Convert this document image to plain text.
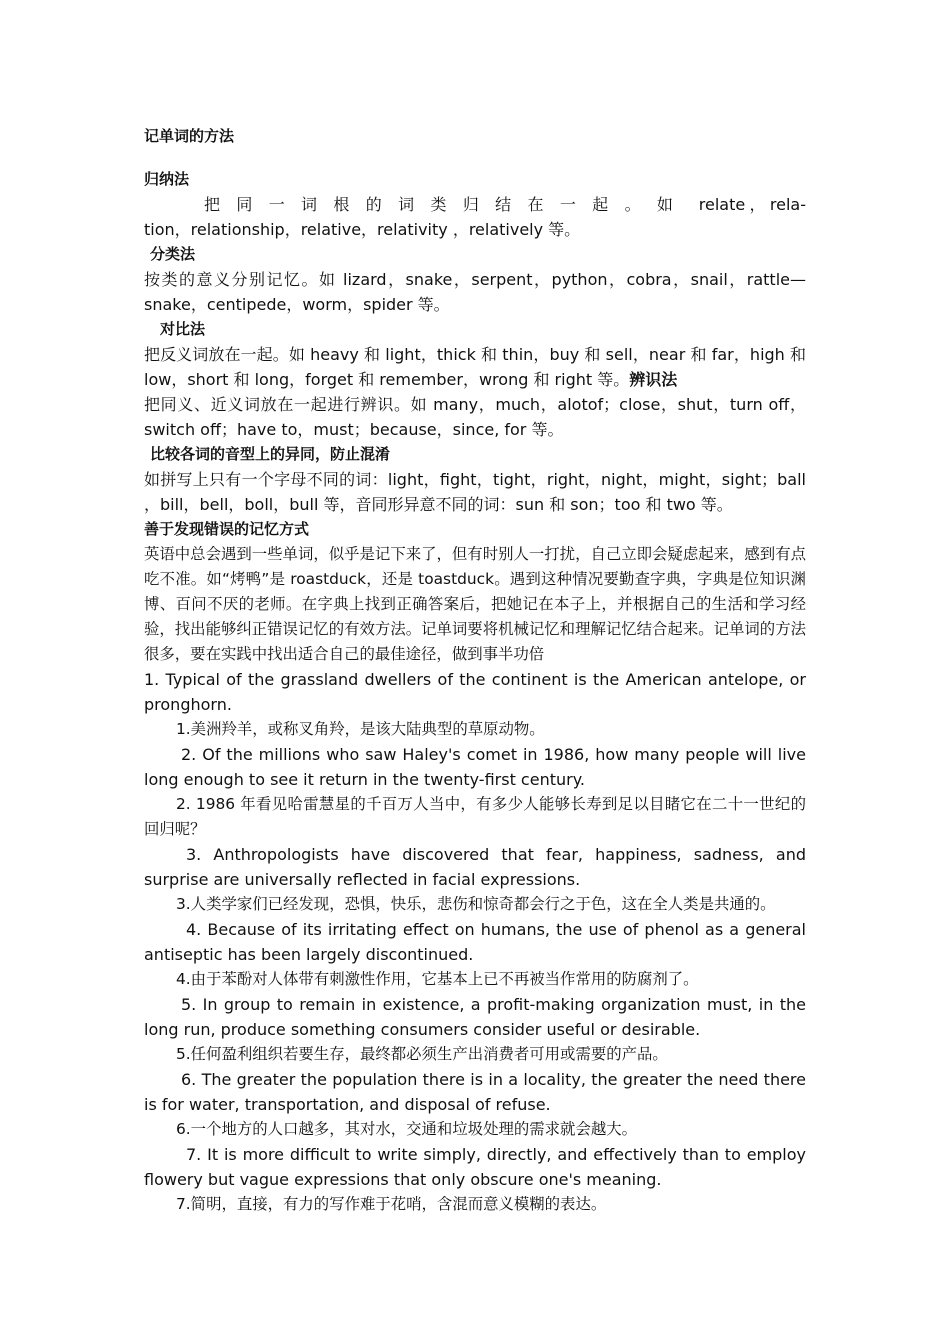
记单词的方法

归纳法

把同一词根的词类归结在一起。如 relate，rela-

tion，relationship，relative，relativity ，relatively 等。

分类法

按类的意义分别记忆。如 lizard，snake，serpent，python，cobra，snail，rattle—snake，centipede，worm，spider 等。

对比法

把反义词放在一起。如 heavy 和 light，thick 和 thin，buy 和 sell，near 和 far，high 和 low，short 和 long，forget 和 remember，wrong 和 right 等。辨识法

把同义、近义词放在一起进行辨识。如 many，much，alotof；close，shut，turn off，switch off；have to，must；because，since, for 等。

比较各词的音型上的异同，防止混淆

如拼写上只有一个字母不同的词：light，fight，tight，right，night，might，sight；ball ，bill，bell，boll，bull 等，音同形异意不同的词：sun 和 son；too 和 two 等。

善于发现错误的记忆方式

英语中总会遇到一些单词，似乎是记下来了，但有时别人一打扰，自己立即会疑虑起来，感到有点吃不准。如“烤鸭”是 roastduck，还是 toastduck。遇到这种情况要勤查字典，字典是位知识渊博、百问不厌的老师。在字典上找到正确答案后，把她记在本子上，并根据自己的生活和学习经验，找出能够纠正错误记忆的有效方法。记单词要将机械记忆和理解记忆结合起来。记单词的方法很多，要在实践中找出适合自己的最佳途径，做到事半功倍

1. Typical of the grassland dwellers of the continent is the American antelope, or pronghorn.

1.美洲羚羊，或称叉角羚，是该大陆典型的草原动物。

2. Of the millions who saw Haley's comet in 1986, how many people will live long enough to see it return in the twenty-first century.

2. 1986 年看见哈雷慧星的千百万人当中，有多少人能够长寿到足以目睹它在二十一世纪的回归呢？

3. Anthropologists have discovered that fear, happiness, sadness, and surprise are universally reflected in facial expressions.

3.人类学家们已经发现，恐惧，快乐，悲伤和惊奇都会行之于色，这在全人类是共通的。

4. Because of its irritating effect on humans, the use of phenol as a general antiseptic has been largely discontinued.

4.由于苯酚对人体带有刺激性作用，它基本上已不再被当作常用的防腐剂了。

5. In group to remain in existence, a profit-making organization must, in the long run, produce something consumers consider useful or desirable.

5.任何盈利组织若要生存，最终都必须生产出消费者可用或需要的产品。

6. The greater the population there is in a locality, the greater the need there is for water, transportation, and disposal of refuse.

6.一个地方的人口越多，其对水，交通和垃圾处理的需求就会越大。

7. It is more difficult to write simply, directly, and effectively than to employ flowery but vague expressions that only obscure one's meaning.

7.简明，直接，有力的写作难于花哨，含混而意义模糊的表达。
